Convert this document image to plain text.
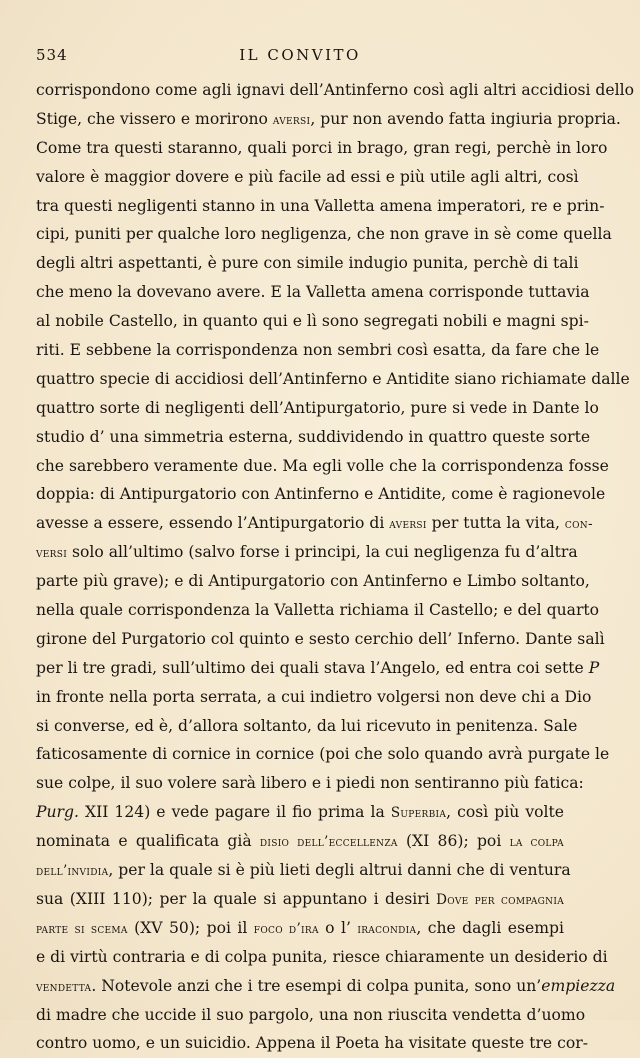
534	IL CONVITO
corrispondono come agli ignavi dell’Antinferno così agli altri accidiosi dello
Stige, che vissero e morirono aversi, pur non avendo fatta ingiuria propria.
Come tra questi staranno, quali porci in brago, gran regi, perchè in loro
valore è maggior dovere e più facile ad essi e più utile agli altri, così
tra questi negligenti stanno in una Valletta amena imperatori, re e prin-
cipi, puniti per qualche loro negligenza, che non grave in sè come quella
degli altri aspettanti, è pure con simile indugio punita, perchè di tali
che meno la dovevano avere. E la Valletta amena corrisponde tuttavia
al nobile Castello, in quanto qui e lì sono segregati nobili e magni spi-
riti. E sebbene la corrispondenza non sembri così esatta, da fare che le
quattro specie di accidiosi dell’Antinferno e Antidite siano richiamate dalle
quattro sorte di negligenti dell’Antipurgatorio, pure si vede in Dante lo
studio d’ una simmetria esterna, suddividendo in quattro queste sorte
che sarebbero veramente due. Ma egli volle che la corrispondenza fosse
doppia: di Antipurgatorio con Antinferno e Antidite, come è ragionevole
avesse a essere, essendo l’Antipurgatorio di aversi per tutta la vita, con-
versi solo all’ultimo (salvo forse i principi, la cui negligenza fu d’altra
parte più grave); e di Antipurgatorio con Antinferno e Limbo soltanto,
nella quale corrispondenza la Valletta richiama il Castello; e del quarto
girone del Purgatorio col quinto e sesto cerchio dell’ Inferno. Dante salì
per li tre gradi, sull’ultimo dei quali stava l’Angelo, ed entra coi sette P
in fronte nella porta serrata, a cui indietro volgersi non deve chi a Dio
si converse, ed è, d’allora soltanto, da lui ricevuto in penitenza. Sale
faticosamente di cornice in cornice (poi che solo quando avrà purgate le
sue colpe, il suo volere sarà libero e i piedi non sentiranno più fatica:
Purg. XII 124) e vede pagare il fio prima la Superbia, così più volte
nominata e qualificata già disio dell’eccellenza (XI 86); poi la colpa
dell’invidia, per la quale si è più lieti degli altrui danni che di ventura
sua (XIII 110); per la quale si appuntano i desiri Dove per compagnia
parte si scema (XV 50); poi il foco d’ira o l’ iracondia, che dagli esempi
e di virtù contraria e di colpa punita, riesce chiaramente un desiderio di
vendetta. Notevole anzi che i tre esempi di colpa punita, sono un’empiezza
di madre che uccide il suo pargolo, una non riuscita vendetta d’uomo
contro uomo, e un suicidio. Appena il Poeta ha visitate queste tre cor-
